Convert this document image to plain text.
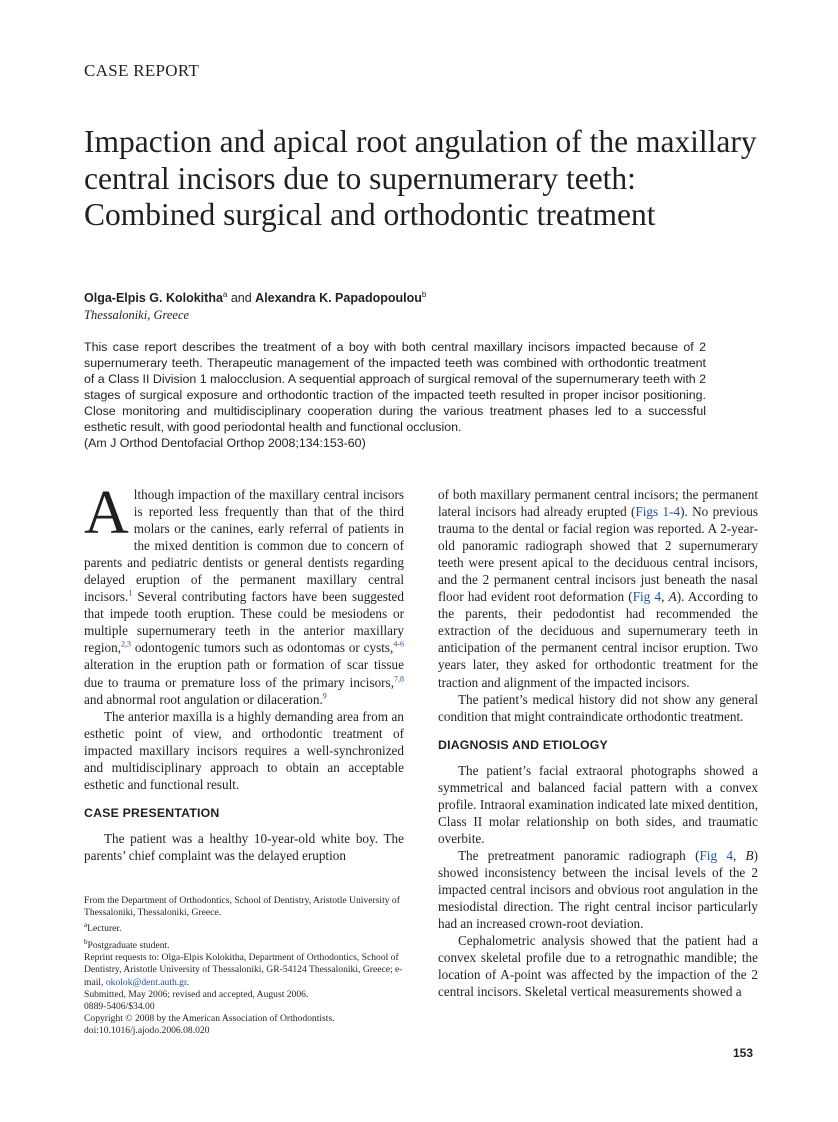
CASE REPORT
Impaction and apical root angulation of the maxillary central incisors due to supernumerary teeth: Combined surgical and orthodontic treatment
Olga-Elpis G. Kolokitha$^a$ and Alexandra K. Papadopoulou$^b$
Thessaloniki, Greece
This case report describes the treatment of a boy with both central maxillary incisors impacted because of 2 supernumerary teeth. Therapeutic management of the impacted teeth was combined with orthodontic treatment of a Class II Division 1 malocclusion. A sequential approach of surgical removal of the supernumerary teeth with 2 stages of surgical exposure and orthodontic traction of the impacted teeth resulted in proper incisor positioning. Close monitoring and multidisciplinary cooperation during the various treatment phases led to a successful esthetic result, with good periodontal health and functional occlusion.
(Am J Orthod Dentofacial Orthop 2008;134:153-60)

Although impaction of the maxillary central incisors is reported less frequently than that of the third molars or the canines, early referral of patients in the mixed dentition is common due to concern of parents and pediatric dentists or general dentists regarding delayed eruption of the permanent maxillary central incisors.$^1$ Several contributing factors have been suggested that impede tooth eruption. These could be mesiodens or multiple supernumerary teeth in the anterior maxillary region,$^{2,3}$ odontogenic tumors such as odontomas or cysts,$^{4-6}$ alteration in the eruption path or formation of scar tissue due to trauma or premature loss of the primary incisors,$^{7,8}$ and abnormal root angulation or dilaceration.$^9$

The anterior maxilla is a highly demanding area from an esthetic point of view, and orthodontic treatment of impacted maxillary incisors requires a well-synchronized and multidisciplinary approach to obtain an acceptable esthetic and functional result.

CASE PRESENTATION

The patient was a healthy 10-year-old white boy. The parents’ chief complaint was the delayed eruption

of both maxillary permanent central incisors; the permanent lateral incisors had already erupted (Figs 1-4). No previous trauma to the dental or facial region was reported. A 2-year-old panoramic radiograph showed that 2 supernumerary teeth were present apical to the deciduous central incisors, and the 2 permanent central incisors just beneath the nasal floor had evident root deformation (Fig 4, A). According to the parents, their pedodontist had recommended the extraction of the deciduous and supernumerary teeth in anticipation of the permanent central incisor eruption. Two years later, they asked for orthodontic treatment for the traction and alignment of the impacted incisors.

The patient’s medical history did not show any general condition that might contraindicate orthodontic treatment.

DIAGNOSIS AND ETIOLOGY

The patient’s facial extraoral photographs showed a symmetrical and balanced facial pattern with a convex profile. Intraoral examination indicated late mixed dentition, Class II molar relationship on both sides, and traumatic overbite.

The pretreatment panoramic radiograph (Fig 4, B) showed inconsistency between the incisal levels of the 2 impacted central incisors and obvious root angulation in the mesiodistal direction. The right central incisor particularly had an increased crown-root deviation.

Cephalometric analysis showed that the patient had a convex skeletal profile due to a retrognathic mandible; the location of A-point was affected by the impaction of the 2 central incisors. Skeletal vertical measurements showed a

From the Department of Orthodontics, School of Dentistry, Aristotle University of Thessaloniki, Thessaloniki, Greece.
$^a$Lecturer.
$^b$Postgraduate student.
Reprint requests to: Olga-Elpis Kolokitha, Department of Orthodontics, School of Dentistry, Aristotle University of Thessaloniki, GR-54124 Thessaloniki, Greece; e-mail, okolok@dent.auth.gr.
Submitted, May 2006; revised and accepted, August 2006.
0889-5406/$34.00
Copyright © 2008 by the American Association of Orthodontists.
doi:10.1016/j.ajodo.2006.08.020
153
